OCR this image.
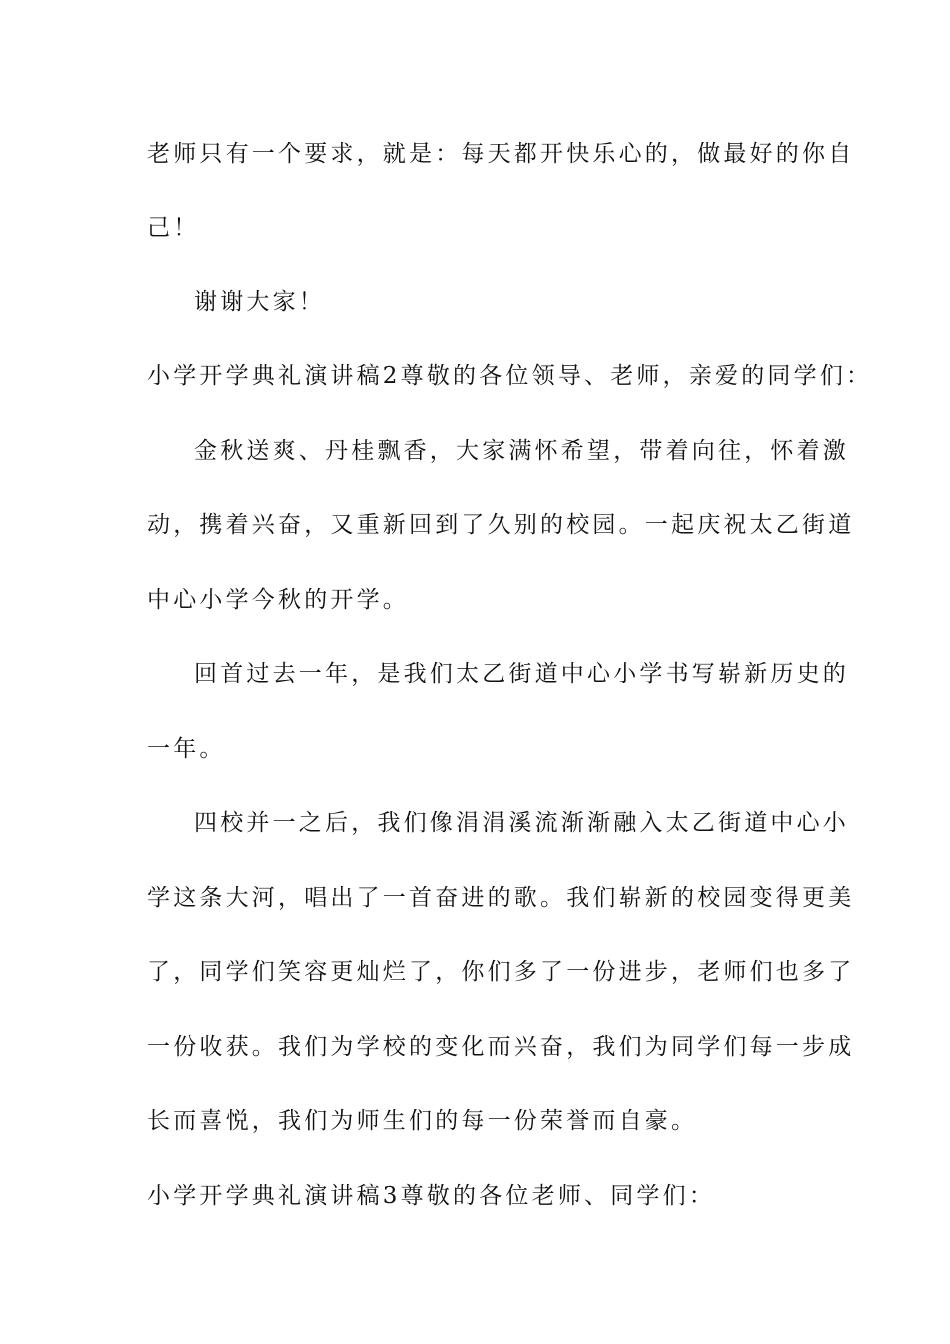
老师只有一个要求，就是：每天都开快乐心的，做最好的你自
己！
谢谢大家！
小学开学典礼演讲稿2尊敬的各位领导、老师，亲爱的同学们：
金秋送爽、丹桂飘香，大家满怀希望，带着向往，怀着激
动，携着兴奋，又重新回到了久别的校园。一起庆祝太乙街道
中心小学今秋的开学。
回首过去一年，是我们太乙街道中心小学书写崭新历史的
一年。
四校并一之后，我们像涓涓溪流渐渐融入太乙街道中心小
学这条大河，唱出了一首奋进的歌。我们崭新的校园变得更美
了，同学们笑容更灿烂了，你们多了一份进步，老师们也多了
一份收获。我们为学校的变化而兴奋，我们为同学们每一步成
长而喜悦，我们为师生们的每一份荣誉而自豪。
小学开学典礼演讲稿3尊敬的各位老师、同学们：
